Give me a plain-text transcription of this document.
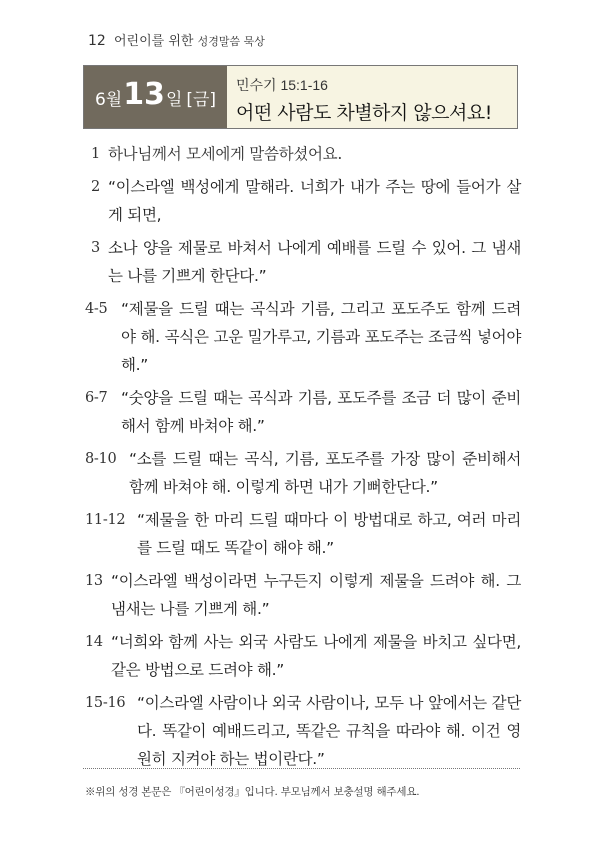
12 어린이를 위한 성경말씀 묵상
6월 13 일 [금]
민수기 15:1-16
어떤 사람도 차별하지 않으셔요!
1 하나님께서 모세에게 말씀하셨어요.
2 “이스라엘 백성에게 말해라. 너희가 내가 주는 땅에 들어가 살게 되면,
3 소나 양을 제물로 바쳐서 나에게 예배를 드릴 수 있어. 그 냄새는 나를 기쁘게 한단다.”
4-5 “제물을 드릴 때는 곡식과 기름, 그리고 포도주도 함께 드려야 해. 곡식은 고운 밀가루고, 기름과 포도주는 조금씩 넣어야 해.”
6-7 “숫양을 드릴 때는 곡식과 기름, 포도주를 조금 더 많이 준비해서 함께 바쳐야 해.”
8-10 “소를 드릴 때는 곡식, 기름, 포도주를 가장 많이 준비해서 함께 바쳐야 해. 이렇게 하면 내가 기뻐한단다.”
11-12 “제물을 한 마리 드릴 때마다 이 방법대로 하고, 여러 마리를 드릴 때도 똑같이 해야 해.”
13 “이스라엘 백성이라면 누구든지 이렇게 제물을 드려야 해. 그 냄새는 나를 기쁘게 해.”
14 “너희와 함께 사는 외국 사람도 나에게 제물을 바치고 싶다면, 같은 방법으로 드려야 해.”
15-16 “이스라엘 사람이나 외국 사람이나, 모두 나 앞에서는 같단다. 똑같이 예배드리고, 똑같은 규칙을 따라야 해. 이건 영원히 지켜야 하는 법이란다.”
※위의 성경 본문은 『어린이성경』입니다. 부모님께서 보충설명 해주세요.
